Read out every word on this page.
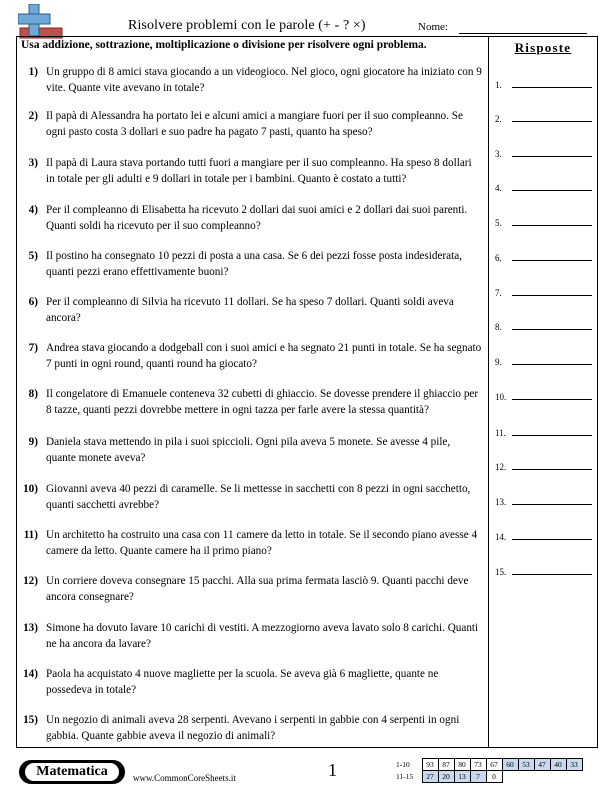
Risolvere problemi con le parole (+ - ? ×)	Nome:
Usa addizione, sottrazione, moltiplicazione o divisione per risolvere ogni problema.	Risposte
1) Un gruppo di 8 amici stava giocando a un videogioco. Nel gioco, ogni giocatore ha iniziato con 9 vite. Quante vite avevano in totale?
2) Il papà di Alessandra ha portato lei e alcuni amici a mangiare fuori per il suo compleanno. Se ogni pasto costa 3 dollari e suo padre ha pagato 7 pasti, quanto ha speso?
3) Il papà di Laura stava portando tutti fuori a mangiare per il suo compleanno. Ha speso 8 dollari in totale per gli adulti e 9 dollari in totale per i bambini. Quanto è costato a tutti?
4) Per il compleanno di Elisabetta ha ricevuto 2 dollari dai suoi amici e 2 dollari dai suoi parenti. Quanti soldi ha ricevuto per il suo compleanno?
5) Il postino ha consegnato 10 pezzi di posta a una casa. Se 6 dei pezzi fosse posta indesiderata, quanti pezzi erano effettivamente buoni?
6) Per il compleanno di Silvia ha ricevuto 11 dollari. Se ha speso 7 dollari. Quanti soldi aveva ancora?
7) Andrea stava giocando a dodgeball con i suoi amici e ha segnato 21 punti in totale. Se ha segnato 7 punti in ogni round, quanti round ha giocato?
8) Il congelatore di Emanuele conteneva 32 cubetti di ghiaccio. Se dovesse prendere il ghiaccio per 8 tazze, quanti pezzi dovrebbe mettere in ogni tazza per farle avere la stessa quantità?
9) Daniela stava mettendo in pila i suoi spiccioli. Ogni pila aveva 5 monete. Se avesse 4 pile, quante monete aveva?
10) Giovanni aveva 40 pezzi di caramelle. Se li mettesse in sacchetti con 8 pezzi in ogni sacchetto, quanti sacchetti avrebbe?
11) Un architetto ha costruito una casa con 11 camere da letto in totale. Se il secondo piano avesse 4 camere da letto. Quante camere ha il primo piano?
12) Un corriere doveva consegnare 15 pacchi. Alla sua prima fermata lasciò 9. Quanti pacchi deve ancora consegnare?
13) Simone ha dovuto lavare 10 carichi di vestiti. A mezzogiorno aveva lavato solo 8 carichi. Quanti ne ha ancora da lavare?
14) Paola ha acquistato 4 nuove magliette per la scuola. Se aveva già 6 magliette, quante ne possedeva in totale?
15) Un negozio di animali aveva 28 serpenti. Avevano i serpenti in gabbie con 4 serpenti in ogni gabbia. Quante gabbie aveva il negozio di animali?
1.
2.
3.
4.
5.
6.
7.
8.
9.
10.
11.
12.
13.
14.
15.
Matematica	www.CommonCoreSheets.it	1	1-10	93	87	80	73	67	60	53	47	40	33
11-15	27	20	13	7	0					
